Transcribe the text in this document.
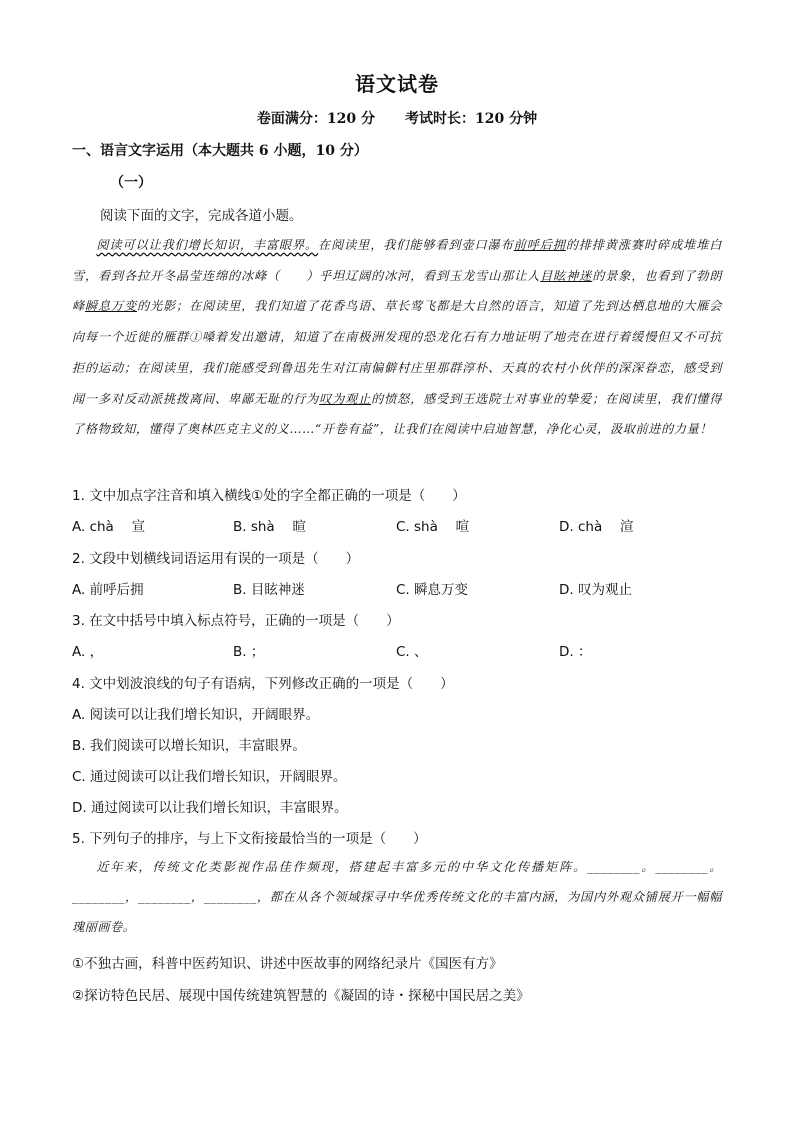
语文试卷
卷面满分：120 分 考试时长：120 分钟
一、语言文字运用（本大题共 6 小题，10 分）
（一）
阅读下面的文字，完成各道小题。
阅读可以让我们增长知识，丰富眼界。在阅读里，我们能够看到壶口瀑布前呼后拥的排排黄涨赛时碎成堆堆白雪，看到各拉开冬晶莹连绵的冰峰（　　）乎坦辽阔的冰河，看到玉龙雪山那让人目眩神迷的景象，也看到了勃朗峰瞬息万变的光影；在阅读里，我们知道了花香鸟语、草长莺飞都是大自然的语言，知道了先到达栖息地的大雁会向每一个近徙的雁群①嗓着发出邀请，知道了在南极洲发现的恐龙化石有力地证明了地壳在进行着缓慢但又不可抗拒的运动；在阅读里，我们能感受到鲁迅先生对江南偏僻村庄里那群淳朴、天真的农村小伙伴的深深眷恋，感受到闻一多对反动派挑拨离间、卑鄙无耻的行为叹为观止的愤怒，感受到王选院士对事业的挚爱；在阅读里，我们懂得了格物致知，懂得了奥林匹克主义的义……“开卷有益”，让我们在阅读中启迪智慧，净化心灵，汲取前进的力量！
1. 文中加点字注音和填入横线①处的字全都正确的一项是（　　）
A. chà　 宣	B. shà　 暄	C. shà　 喧	D. chà　 渲
2. 文段中划横线词语运用有误的一项是（　　）
A. 前呼后拥	B. 目眩神迷	C. 瞬息万变	D. 叹为观止
3. 在文中括号中填入标点符号，正确的一项是（　　）
A. ，	B. ；	C. 、	D. ：
4. 文中划波浪线的句子有语病，下列修改正确的一项是（　　）
A. 阅读可以让我们增长知识，开阔眼界。
B. 我们阅读可以增长知识，丰富眼界。
C. 通过阅读可以让我们增长知识，开阔眼界。
D. 通过阅读可以让我们增长知识，丰富眼界。
5. 下列句子的排序，与上下文衔接最恰当的一项是（　　）
近年来，传统文化类影视作品佳作频现，搭建起丰富多元的中华文化传播矩阵。________。________。________，________，________，都在从各个领域探寻中华优秀传统文化的丰富内涵，为国内外观众铺展开一幅幅瑰丽画卷。
①不独古画，科普中医药知识、讲述中医故事的网络纪录片《国医有方》
②探访特色民居、展现中国传统建筑智慧的《凝固的诗・探秘中国民居之美》
